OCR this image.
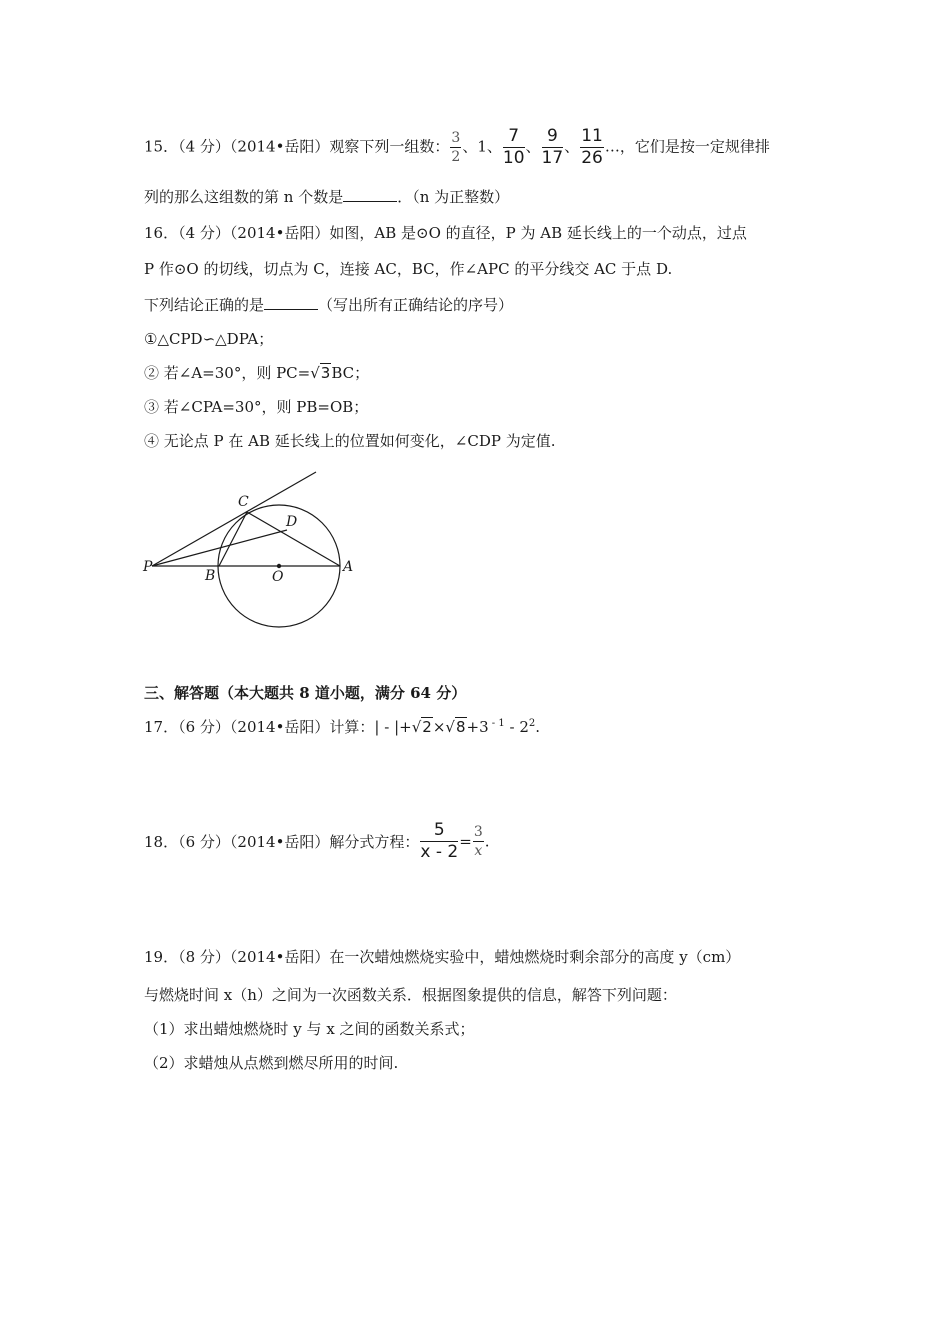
15．（4 分）（2014•岳阳）观察下列一组数： $\frac{3}{2}$ 、1、 $\frac{7}{10}$ 、 $\frac{9}{17}$ 、 $\frac{11}{26}$ …，它们是按一定规律排
列的那么这组数的第 n 个数是	．（n 为正整数）
16．（4 分）（2014•岳阳）如图，AB 是⊙O 的直径，P 为 AB 延长线上的一个动点，过点
P 作⊙O 的切线，切点为 C，连接 AC，BC，作∠APC 的平分线交 AC 于点 D.
下列结论正确的是	（写出所有正确结论的序号）
①△CPD∽△DPA；
② 若∠A=30°，则 PC=√3BC；
③ 若∠CPA=30°，则 PB=OB；
④ 无论点 P 在 AB 延长线上的位置如何变化，∠CDP 为定值.
C
D
P
B	O
A
三、解答题（本大题共 8 道小题，满分 64 分）
17．（6 分）（2014•岳阳）计算：| - |+√2×√8+3 $^{- 1} - 2^2$.
18．（6 分）（2014•岳阳）解分式方程： $\frac{5}{x - 2} = \frac{3}{x}$ .
19．（8 分）（2014•岳阳）在一次蜡烛燃烧实验中，蜡烛燃烧时剩余部分的高度 y（cm）
与燃烧时间 x（h）之间为一次函数关系．根据图象提供的信息，解答下列问题：
（1）求出蜡烛燃烧时 y 与 x 之间的函数关系式；
（2）求蜡烛从点燃到燃尽所用的时间.
